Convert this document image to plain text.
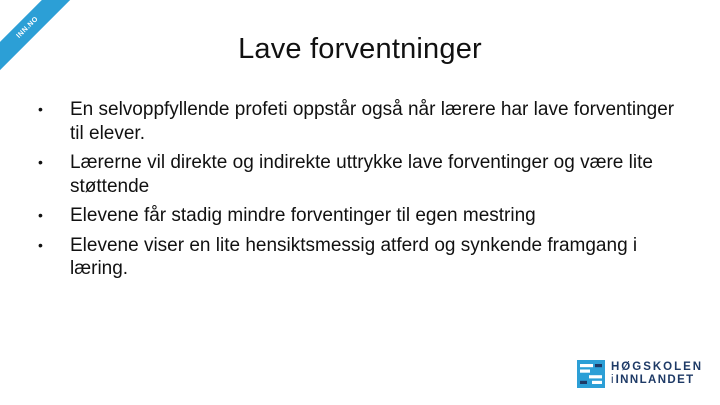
INN.NO
Lave forventninger
• En selvoppfyllende profeti oppstår også når lærere har lave forventinger til elever.
• Lærerne vil direkte og indirekte uttrykke lave forventinger og være lite støttende
• Elevene får stadig mindre forventinger til egen mestring
• Elevene viser en lite hensiktsmessig atferd og synkende framgang i læring.
HØGSKOLEN
i INNLANDET
